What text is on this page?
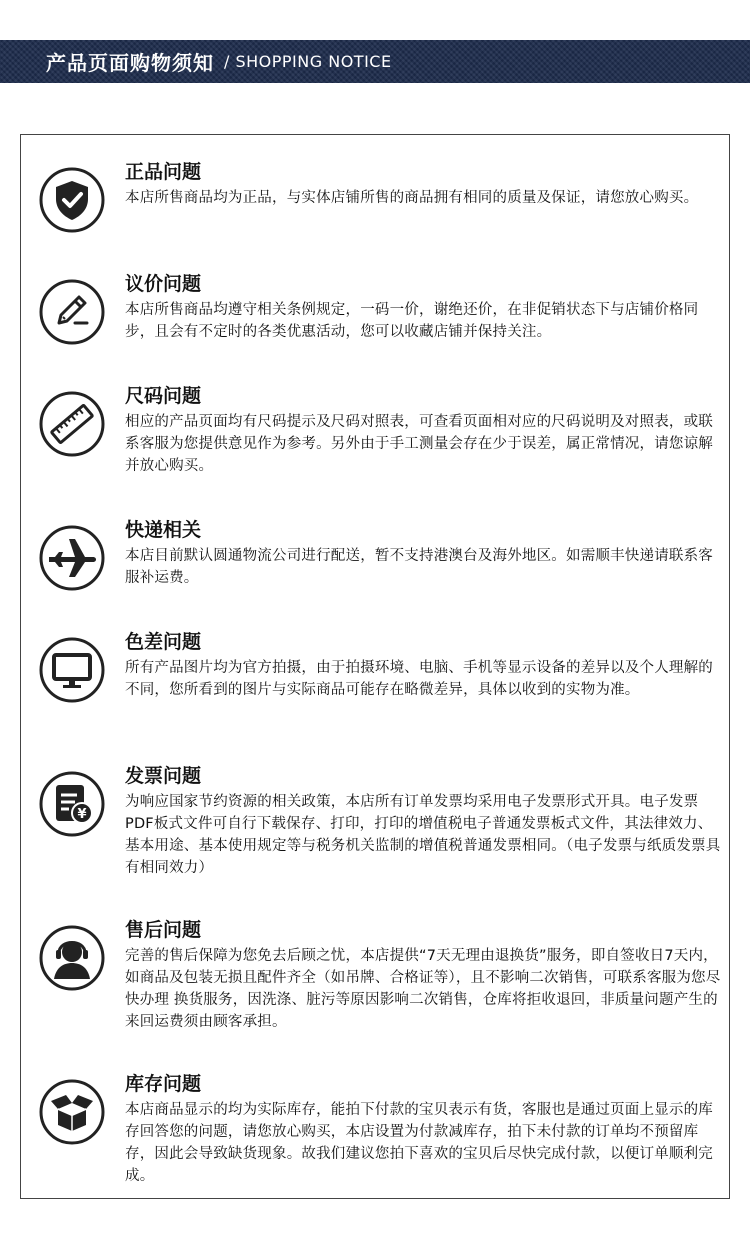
产品页面购物须知 / SHOPPING NOTICE

正品问题

本店所售商品均为正品，与实体店铺所售的商品拥有相同的质量及保证，请您放心购买。

议价问题

本店所售商品均遵守相关条例规定，一码一价，谢绝还价，在非促销状态下与店铺价格同步，且会有不定时的各类优惠活动，您可以收藏店铺并保持关注。

尺码问题

相应的产品页面均有尺码提示及尺码对照表，可查看页面相对应的尺码说明及对照表，或联系客服为您提供意见作为参考。另外由于手工测量会存在少于误差，属正常情况，请您谅解并放心购买。

快递相关

本店目前默认圆通物流公司进行配送，暂不支持港澳台及海外地区。如需顺丰快递请联系客服补运费。

色差问题

所有产品图片均为官方拍摄，由于拍摄环境、电脑、手机等显示设备的差异以及个人理解的不同，您所看到的图片与实际商品可能存在略微差异，具体以收到的实物为准。

¥

发票问题

为响应国家节约资源的相关政策，本店所有订单发票均采用电子发票形式开具。电子发票PDF板式文件可自行下载保存、打印，打印的增值税电子普通发票板式文件，其法律效力、基本用途、基本使用规定等与税务机关监制的增值税普通发票相同。（电子发票与纸质发票具有相同效力）

售后问题

完善的售后保障为您免去后顾之忧，本店提供“7天无理由退换货”服务，即自签收日7天内，如商品及包装无损且配件齐全（如吊牌、合格证等），且不影响二次销售，可联系客服为您尽快办理 换货服务，因洗涤、脏污等原因影响二次销售，仓库将拒收退回，非质量问题产生的来回运费须由顾客承担。

库存问题

本店商品显示的均为实际库存，能拍下付款的宝贝表示有货，客服也是通过页面上显示的库存回答您的问题，请您放心购买，本店设置为付款减库存，拍下未付款的订单均不预留库存，因此会导致缺货现象。故我们建议您拍下喜欢的宝贝后尽快完成付款，以便订单顺利完成。
